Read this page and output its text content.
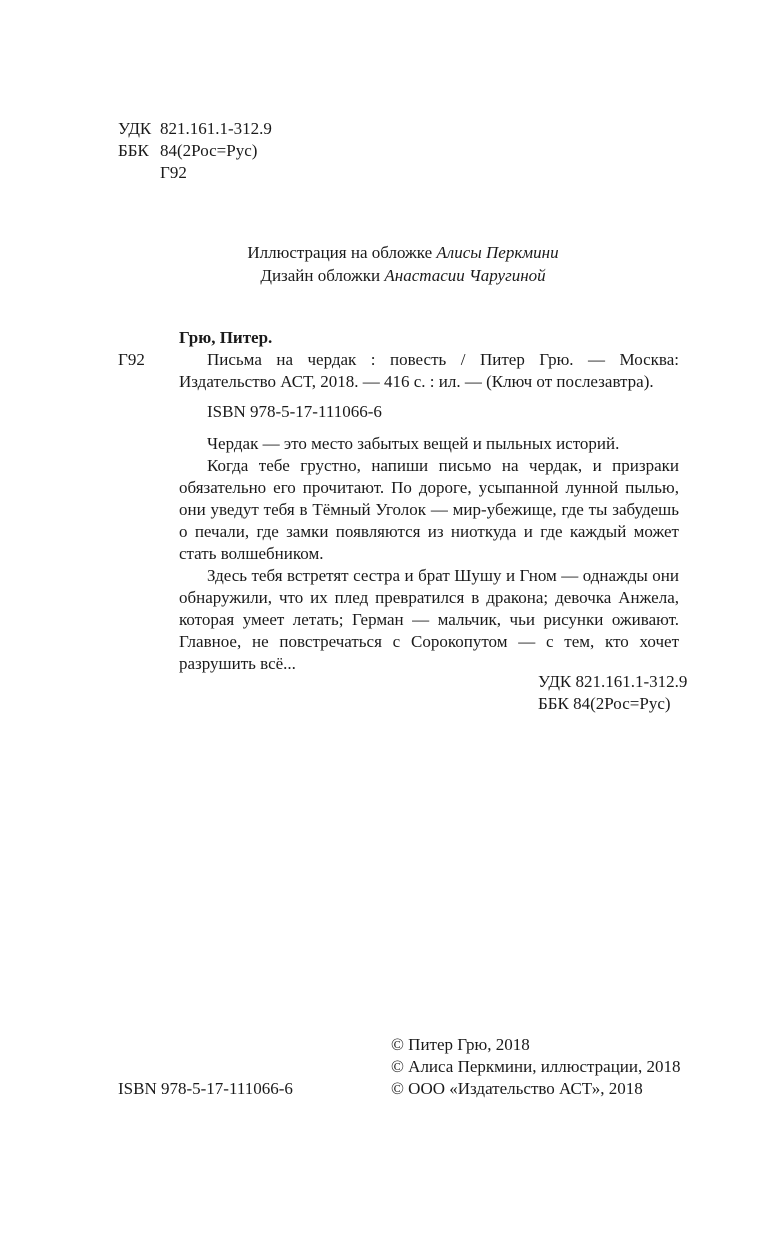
УДК 821.161.1-312.9
ББК 84(2Рос=Рус)
Г92
Иллюстрация на обложке Алисы Перкмини
Дизайн обложки Анастасии Чаругиной
Грю, Питер.
Г92	Письма на чердак : повесть / Питер Грю. — Москва: Издательство АСТ, 2018. — 416 с. : ил. — (Ключ от послезавтра).
ISBN 978-5-17-111066-6
Чердак — это место забытых вещей и пыльных историй.
Когда тебе грустно, напиши письмо на чердак, и призраки обязательно его прочитают. По дороге, усыпанной лунной пылью, они уведут тебя в Тёмный Уголок — мир-убежище, где ты забудешь о печали, где замки появляются из ниоткуда и где каждый может стать волшебником.
Здесь тебя встретят сестра и брат Шушу и Гном — однажды они обнаружили, что их плед превратился в дракона; девочка Анжела, которая умеет летать; Герман — мальчик, чьи рисунки оживают. Главное, не повстречаться с Сорокопутом — с тем, кто хочет разрушить всё...
УДК 821.161.1-312.9
ББК 84(2Рос=Рус)
© Питер Грю, 2018
© Алиса Перкмини, иллюстрации, 2018
© ООО «Издательство АСТ», 2018
ISBN 978-5-17-111066-6
